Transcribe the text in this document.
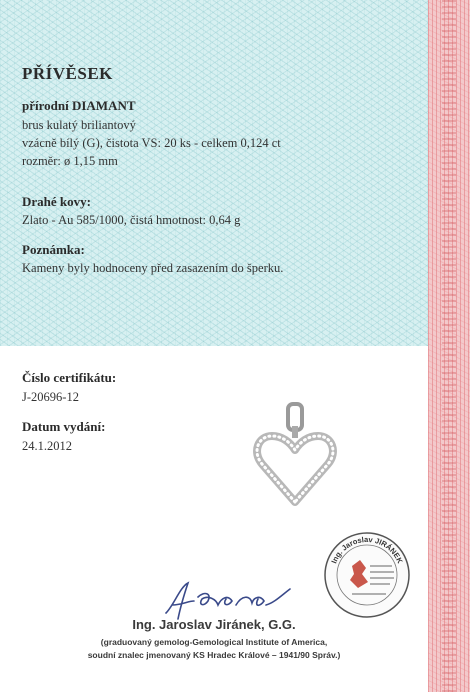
PŘÍVĚSEK
přírodní DIAMANT
brus kulatý briliantový
vzácně bílý (G), čistota VS: 20 ks - celkem 0,124 ct
rozměr: ø 1,15 mm
Drahé kovy:
Zlato - Au 585/1000, čistá hmotnost: 0,64 g
Poznámka:
Kameny byly hodnoceny před zasazením do šperku.
Číslo certifikátu:
J-20696-12
Datum vydání:
24.1.2012
Ing. Jaroslav JIRÁNEK
Ing. Jaroslav Jiránek, G.G.
(graduovaný gemolog-Gemological Institute of America,
soudní znalec jmenovaný KS Hradec Králové – 1941/90 Správ.)
